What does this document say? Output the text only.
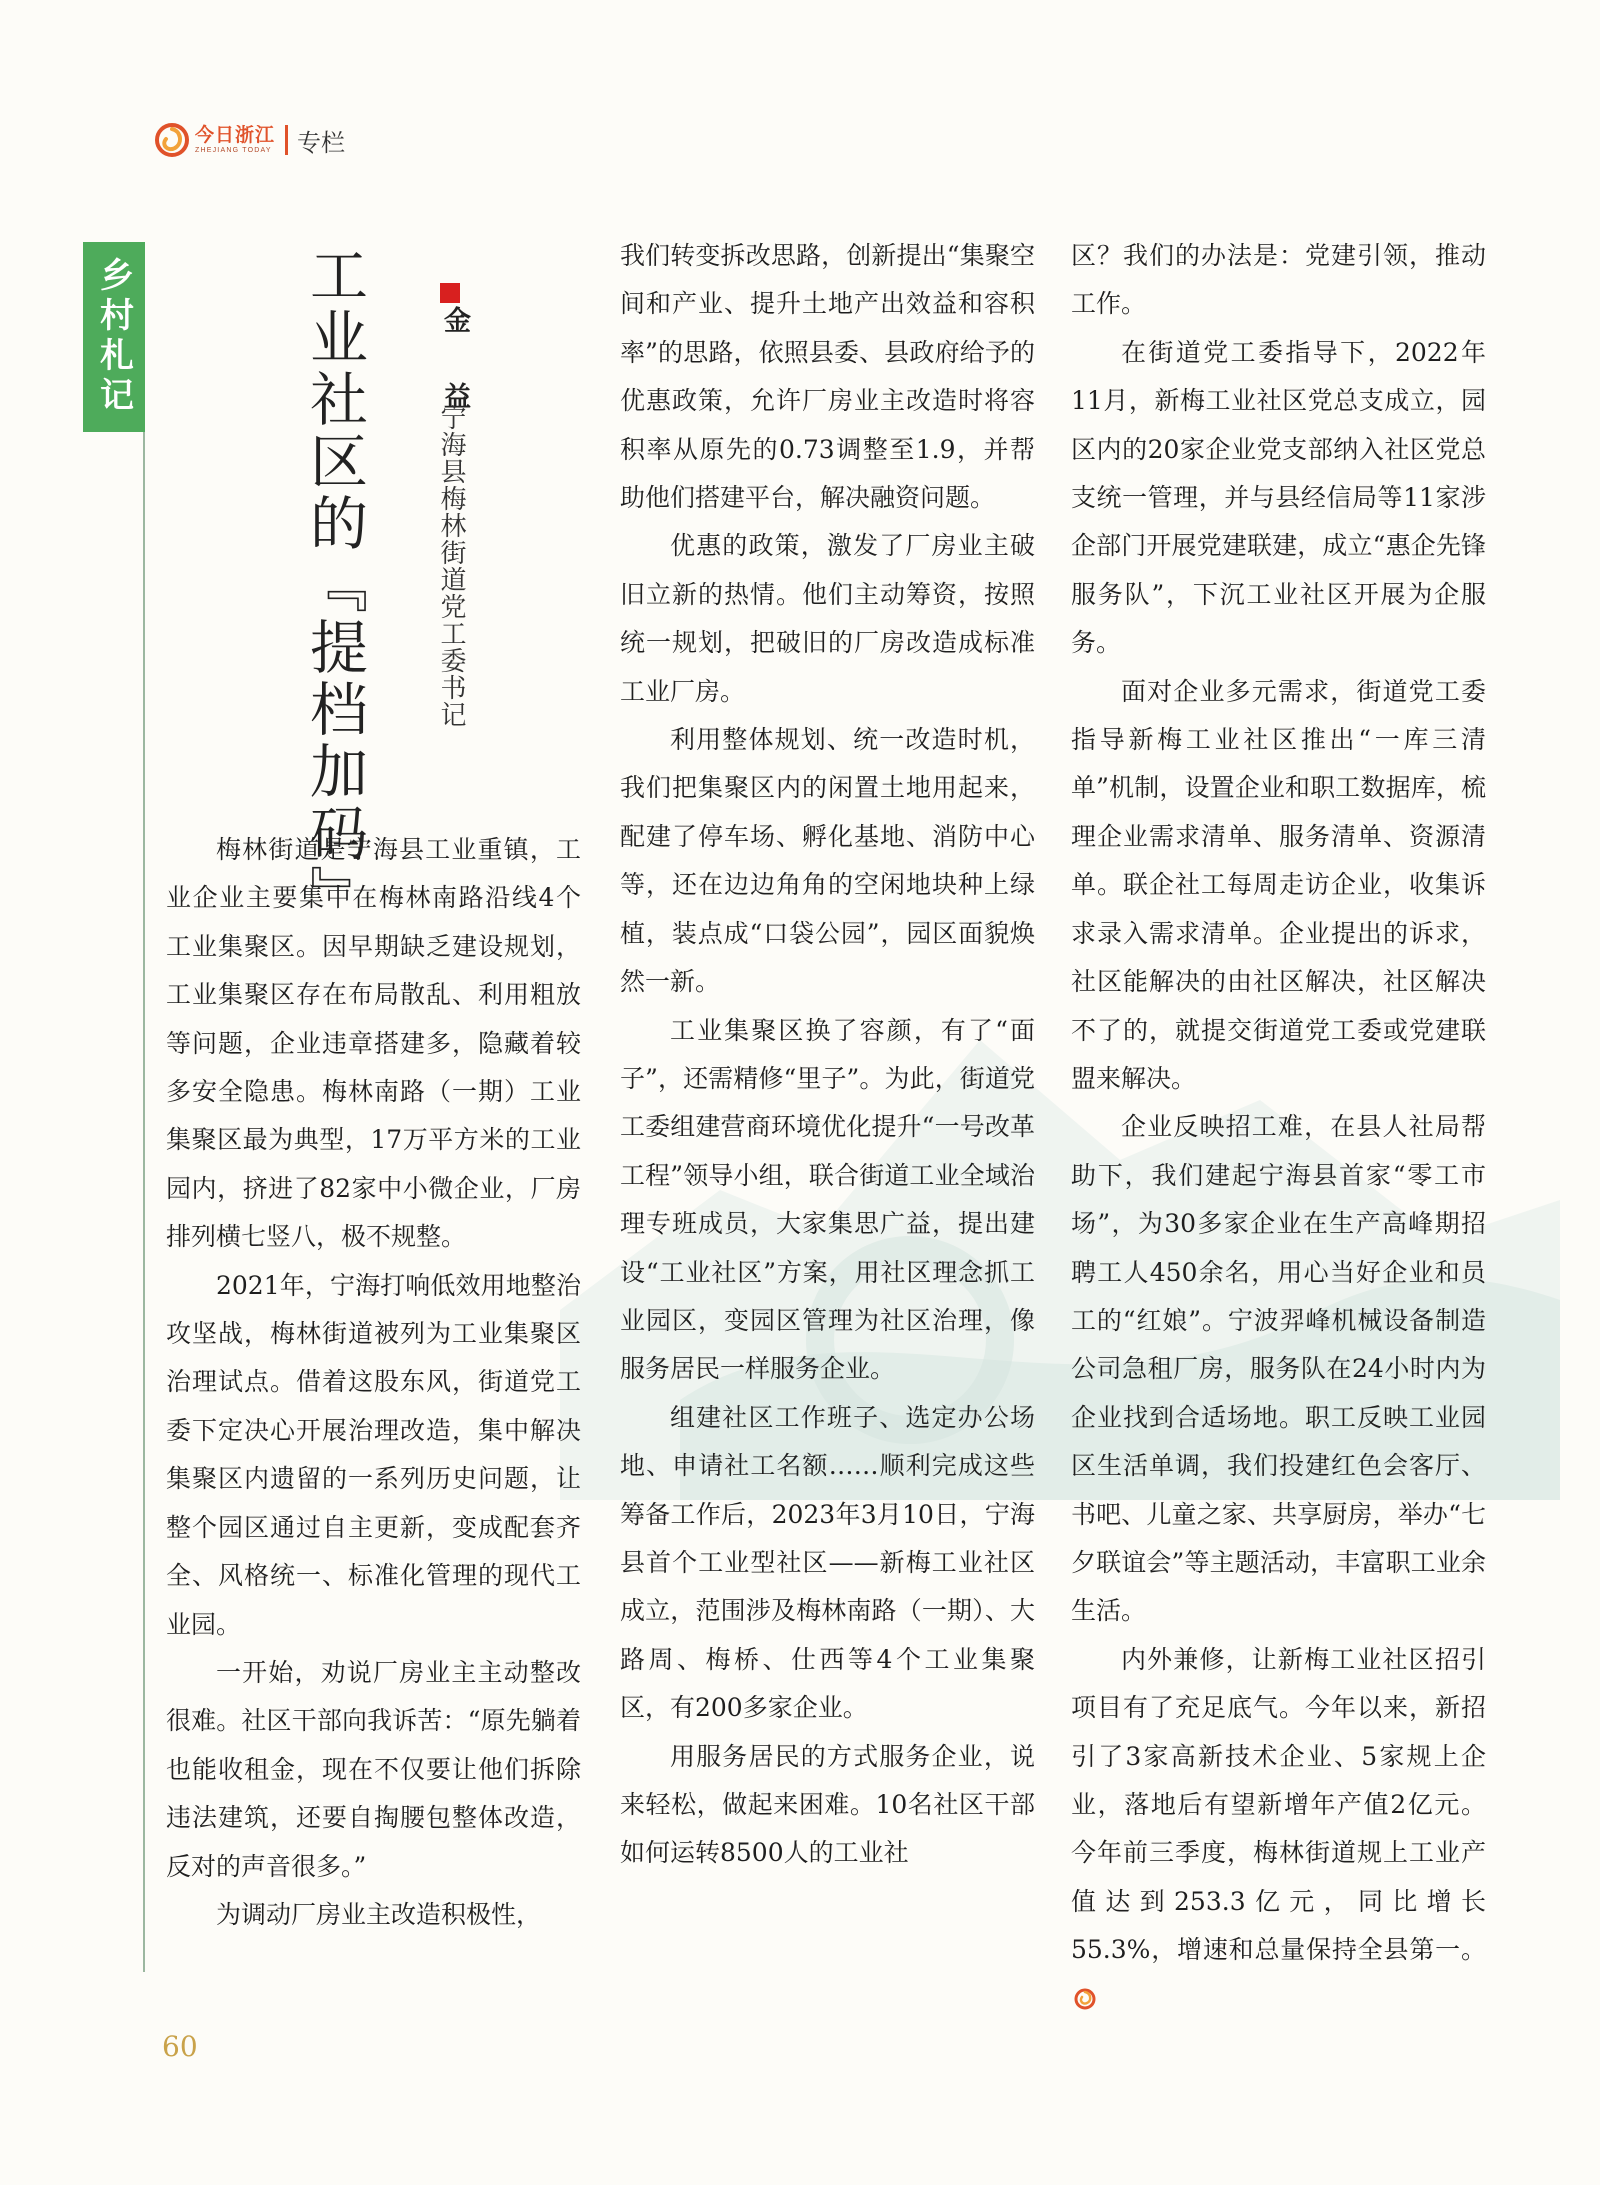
今日浙江
ZHEJIANG TODAY 专栏
乡村札记	工业社区的『提档加码』	金 益
宁海县梅林街道党工委书记

梅林街道是宁海县工业重镇，工业企业主要集中在梅林南路沿线4个工业集聚区。因早期缺乏建设规划，工业集聚区存在布局散乱、利用粗放等问题，企业违章搭建多，隐藏着较多安全隐患。梅林南路（一期）工业集聚区最为典型，17万平方米的工业园内，挤进了82家中小微企业，厂房排列横七竖八，极不规整。

2021年，宁海打响低效用地整治攻坚战，梅林街道被列为工业集聚区治理试点。借着这股东风，街道党工委下定决心开展治理改造，集中解决集聚区内遗留的一系列历史问题，让整个园区通过自主更新，变成配套齐全、风格统一、标准化管理的现代工业园。

一开始，劝说厂房业主主动整改很难。社区干部向我诉苦：“原先躺着也能收租金，现在不仅要让他们拆除违法建筑，还要自掏腰包整体改造，反对的声音很多。”

为调动厂房业主改造积极性，

我们转变拆改思路，创新提出“集聚空间和产业、提升土地产出效益和容积率”的思路，依照县委、县政府给予的优惠政策，允许厂房业主改造时将容积率从原先的0.73调整至1.9，并帮助他们搭建平台，解决融资问题。

优惠的政策，激发了厂房业主破旧立新的热情。他们主动筹资，按照统一规划，把破旧的厂房改造成标准工业厂房。

利用整体规划、统一改造时机，我们把集聚区内的闲置土地用起来，配建了停车场、孵化基地、消防中心等，还在边边角角的空闲地块种上绿植，装点成“口袋公园”，园区面貌焕然一新。

工业集聚区换了容颜，有了“面子”，还需精修“里子”。为此，街道党工委组建营商环境优化提升“一号改革工程”领导小组，联合街道工业全域治理专班成员，大家集思广益，提出建设“工业社区”方案，用社区理念抓工业园区，变园区管理为社区治理，像服务居民一样服务企业。

组建社区工作班子、选定办公场地、申请社工名额……顺利完成这些筹备工作后，2023年3月10日，宁海县首个工业型社区——新梅工业社区成立，范围涉及梅林南路（一期）、大路周、梅桥、仕西等4个工业集聚区，有200多家企业。

用服务居民的方式服务企业，说来轻松，做起来困难。10名社区干部如何运转8500人的工业社

区？我们的办法是：党建引领，推动工作。

在街道党工委指导下，2022年11月，新梅工业社区党总支成立，园区内的20家企业党支部纳入社区党总支统一管理，并与县经信局等11家涉企部门开展党建联建，成立“惠企先锋服务队”，下沉工业社区开展为企服务。

面对企业多元需求，街道党工委指导新梅工业社区推出“一库三清单”机制，设置企业和职工数据库，梳理企业需求清单、服务清单、资源清单。联企社工每周走访企业，收集诉求录入需求清单。企业提出的诉求，社区能解决的由社区解决，社区解决不了的，就提交街道党工委或党建联盟来解决。

企业反映招工难，在县人社局帮助下，我们建起宁海县首家“零工市场”，为30多家企业在生产高峰期招聘工人450余名，用心当好企业和员工的“红娘”。宁波羿峰机械设备制造公司急租厂房，服务队在24小时内为企业找到合适场地。职工反映工业园区生活单调，我们投建红色会客厅、书吧、儿童之家、共享厨房，举办“七夕联谊会”等主题活动，丰富职工业余生活。

内外兼修，让新梅工业社区招引项目有了充足底气。今年以来，新招引了3家高新技术企业、5家规上企业，落地后有望新增年产值2亿元。今年前三季度，梅林街道规上工业产值达到253.3亿元，同比增长55.3%，增速和总量保持全县第一。

60
